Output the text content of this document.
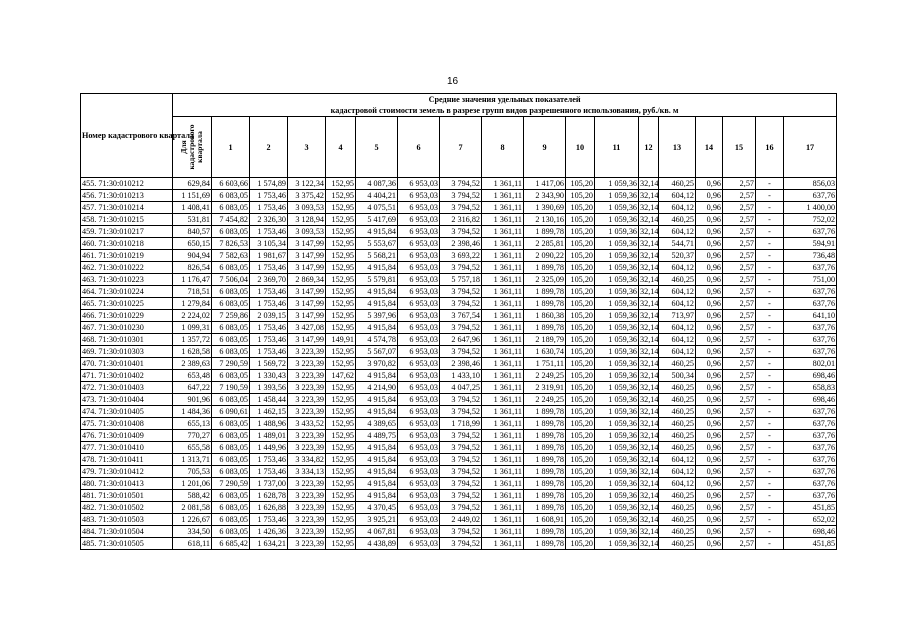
16
Номер кадастрового квартала	Средние значения удельных показателей
кадастровой стоимости земель в разрезе групп видов разрешенного использования, руб./кв. м																	

	Для кадастрового квартала	1	2	3	4	5	6	7	8	9	10	11	12	13	14	15	16	17
455. 71:30:010212	629,84	6 603,66	1 574,89	3 122,34	152,95	4 087,36	6 953,03	3 794,52	1 361,11	1 417,06	105,20	1 059,36	32,14	460,25	0,96	2,57	-	856,03
456. 71:30:010213	1 151,69	6 083,05	1 753,46	3 375,42	152,95	4 404,21	6 953,03	3 794,52	1 361,11	2 343,90	105,20	1 059,36	32,14	604,12	0,96	2,57	-	637,76
457. 71:30:010214	1 408,41	6 083,05	1 753,46	3 093,53	152,95	4 075,51	6 953,03	3 794,52	1 361,11	1 390,69	105,20	1 059,36	32,14	604,12	0,96	2,57	-	1 400,00
458. 71:30:010215	531,81	7 454,82	2 326,30	3 128,94	152,95	5 417,69	6 953,03	2 316,82	1 361,11	2 130,16	105,20	1 059,36	32,14	460,25	0,96	2,57	-	752,02
459. 71:30:010217	840,57	6 083,05	1 753,46	3 093,53	152,95	4 915,84	6 953,03	3 794,52	1 361,11	1 899,78	105,20	1 059,36	32,14	604,12	0,96	2,57	-	637,76
460. 71:30:010218	650,15	7 826,53	3 105,34	3 147,99	152,95	5 553,67	6 953,03	2 398,46	1 361,11	2 285,81	105,20	1 059,36	32,14	544,71	0,96	2,57	-	594,91
461. 71:30:010219	904,94	7 582,63	1 981,67	3 147,99	152,95	5 568,21	6 953,03	3 693,22	1 361,11	2 090,22	105,20	1 059,36	32,14	520,37	0,96	2,57	-	736,48
462. 71:30:010222	826,54	6 083,05	1 753,46	3 147,99	152,95	4 915,84	6 953,03	3 794,52	1 361,11	1 899,78	105,20	1 059,36	32,14	604,12	0,96	2,57	-	637,76
463. 71:30:010223	1 176,47	7 506,04	2 369,70	2 869,34	152,95	5 579,81	6 953,03	5 757,18	1 361,11	2 325,09	105,20	1 059,36	32,14	460,25	0,96	2,57	-	751,00
464. 71:30:010224	718,51	6 083,05	1 753,46	3 147,99	152,95	4 915,84	6 953,03	3 794,52	1 361,11	1 899,78	105,20	1 059,36	32,14	604,12	0,96	2,57	-	637,76
465. 71:30:010225	1 279,84	6 083,05	1 753,46	3 147,99	152,95	4 915,84	6 953,03	3 794,52	1 361,11	1 899,78	105,20	1 059,36	32,14	604,12	0,96	2,57	-	637,76
466. 71:30:010229	2 224,02	7 259,86	2 039,15	3 147,99	152,95	5 397,96	6 953,03	3 767,54	1 361,11	1 860,38	105,20	1 059,36	32,14	713,97	0,96	2,57	-	641,10
467. 71:30:010230	1 099,31	6 083,05	1 753,46	3 427,08	152,95	4 915,84	6 953,03	3 794,52	1 361,11	1 899,78	105,20	1 059,36	32,14	604,12	0,96	2,57	-	637,76
468. 71:30:010301	1 357,72	6 083,05	1 753,46	3 147,99	149,91	4 574,78	6 953,03	2 647,96	1 361,11	2 189,79	105,20	1 059,36	32,14	604,12	0,96	2,57	-	637,76
469. 71:30:010303	1 628,58	6 083,05	1 753,46	3 223,39	152,95	5 567,07	6 953,03	3 794,52	1 361,11	1 630,74	105,20	1 059,36	32,14	604,12	0,96	2,57	-	637,76
470. 71:30:010401	2 389,63	7 290,59	1 569,72	3 223,39	152,95	3 970,82	6 953,03	2 398,46	1 361,11	1 751,11	105,20	1 059,36	32,14	460,25	0,96	2,57	-	802,01
471. 71:30:010402	653,48	6 083,05	1 330,43	3 223,39	147,62	4 915,84	6 953,03	1 433,10	1 361,11	2 249,25	105,20	1 059,36	32,14	500,34	0,96	2,57	-	698,46
472. 71:30:010403	647,22	7 190,59	1 393,56	3 223,39	152,95	4 214,90	6 953,03	4 047,25	1 361,11	2 319,91	105,20	1 059,36	32,14	460,25	0,96	2,57	-	658,83
473. 71:30:010404	901,96	6 083,05	1 458,44	3 223,39	152,95	4 915,84	6 953,03	3 794,52	1 361,11	2 249,25	105,20	1 059,36	32,14	460,25	0,96	2,57	-	698,46
474. 71:30:010405	1 484,36	6 090,61	1 462,15	3 223,39	152,95	4 915,84	6 953,03	3 794,52	1 361,11	1 899,78	105,20	1 059,36	32,14	460,25	0,96	2,57	-	637,76
475. 71:30:010408	655,13	6 083,05	1 488,96	3 433,52	152,95	4 389,65	6 953,03	1 718,99	1 361,11	1 899,78	105,20	1 059,36	32,14	460,25	0,96	2,57	-	637,76
476. 71:30:010409	770,27	6 083,05	1 489,01	3 223,39	152,95	4 489,75	6 953,03	3 794,52	1 361,11	1 899,78	105,20	1 059,36	32,14	460,25	0,96	2,57	-	637,76
477. 71:30:010410	655,58	6 083,05	1 449,96	3 223,39	152,95	4 915,84	6 953,03	3 794,52	1 361,11	1 899,78	105,20	1 059,36	32,14	460,25	0,96	2,57	-	637,76
478. 71:30:010411	1 313,71	6 083,05	1 753,46	3 334,82	152,95	4 915,84	6 953,03	3 794,52	1 361,11	1 899,78	105,20	1 059,36	32,14	604,12	0,96	2,57	-	637,76
479. 71:30:010412	705,53	6 083,05	1 753,46	3 334,13	152,95	4 915,84	6 953,03	3 794,52	1 361,11	1 899,78	105,20	1 059,36	32,14	604,12	0,96	2,57	-	637,76
480. 71:30:010413	1 201,06	7 290,59	1 737,00	3 223,39	152,95	4 915,84	6 953,03	3 794,52	1 361,11	1 899,78	105,20	1 059,36	32,14	604,12	0,96	2,57	-	637,76
481. 71:30:010501	588,42	6 083,05	1 628,78	3 223,39	152,95	4 915,84	6 953,03	3 794,52	1 361,11	1 899,78	105,20	1 059,36	32,14	460,25	0,96	2,57	-	637,76
482. 71:30:010502	2 081,58	6 083,05	1 626,88	3 223,39	152,95	4 370,45	6 953,03	3 794,52	1 361,11	1 899,78	105,20	1 059,36	32,14	460,25	0,96	2,57	-	451,85
483. 71:30:010503	1 226,67	6 083,05	1 753,46	3 223,39	152,95	3 925,21	6 953,03	2 449,02	1 361,11	1 608,91	105,20	1 059,36	32,14	460,25	0,96	2,57	-	652,02
484. 71:30:010504	334,50	6 083,05	1 426,36	3 223,39	152,95	4 067,81	6 953,03	3 794,52	1 361,11	1 899,78	105,20	1 059,36	32,14	460,25	0,96	2,57	-	698,46
485. 71:30:010505	618,11	6 685,42	1 634,21	3 223,39	152,95	4 438,89	6 953,03	3 794,52	1 361,11	1 899,78	105,20	1 059,36	32,14	460,25	0,96	2,57	-	451,85
